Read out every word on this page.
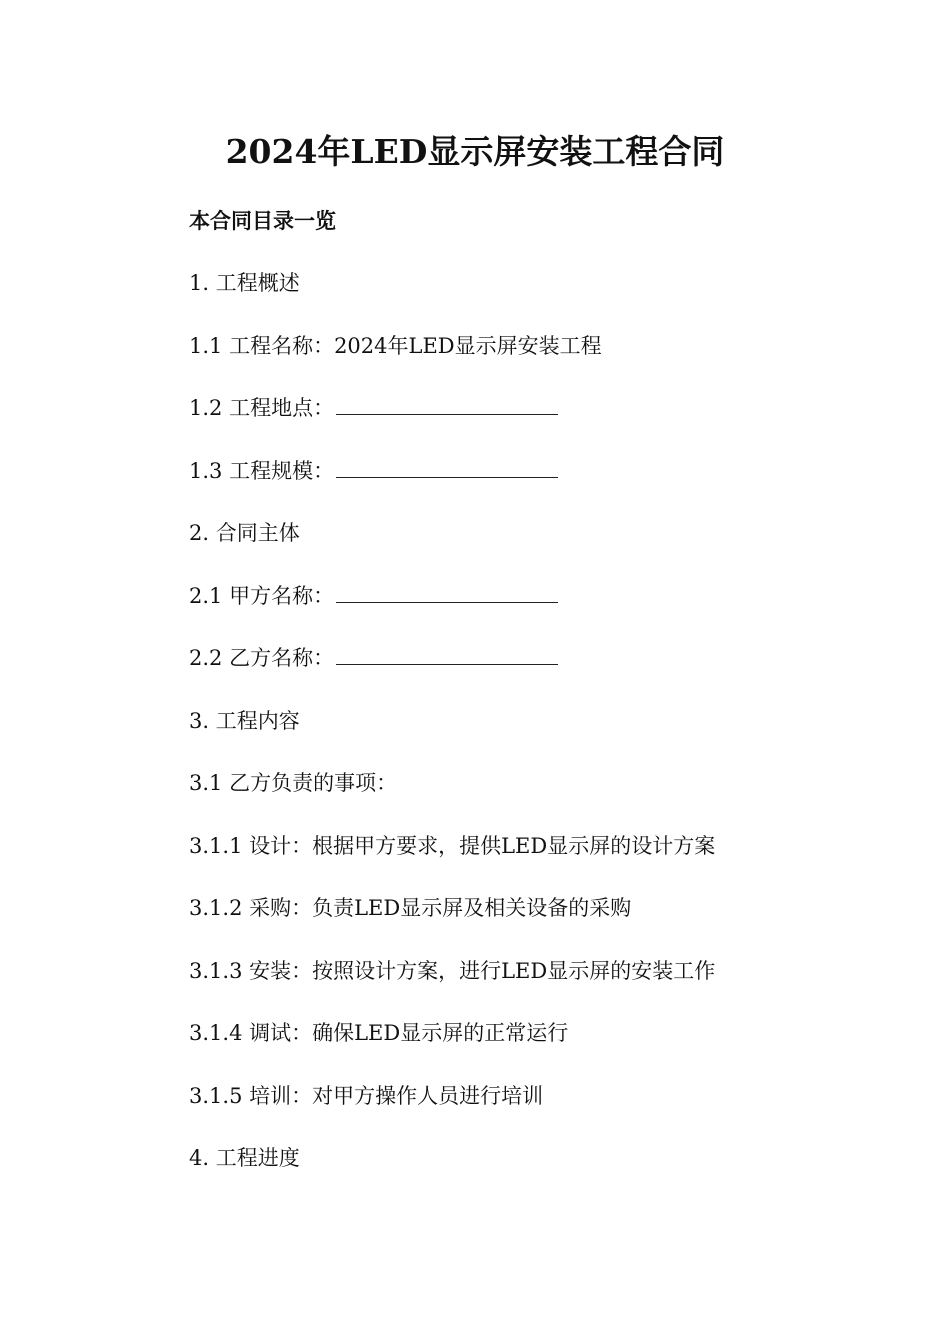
2024年LED显示屏安装工程合同
本合同目录一览
1. 工程概述
1.1 工程名称：2024年LED显示屏安装工程
1.2 工程地点：
1.3 工程规模：
2. 合同主体
2.1 甲方名称：
2.2 乙方名称：
3. 工程内容
3.1 乙方负责的事项：
3.1.1 设计：根据甲方要求，提供LED显示屏的设计方案
3.1.2 采购：负责LED显示屏及相关设备的采购
3.1.3 安装：按照设计方案，进行LED显示屏的安装工作
3.1.4 调试：确保LED显示屏的正常运行
3.1.5 培训：对甲方操作人员进行培训
4. 工程进度
